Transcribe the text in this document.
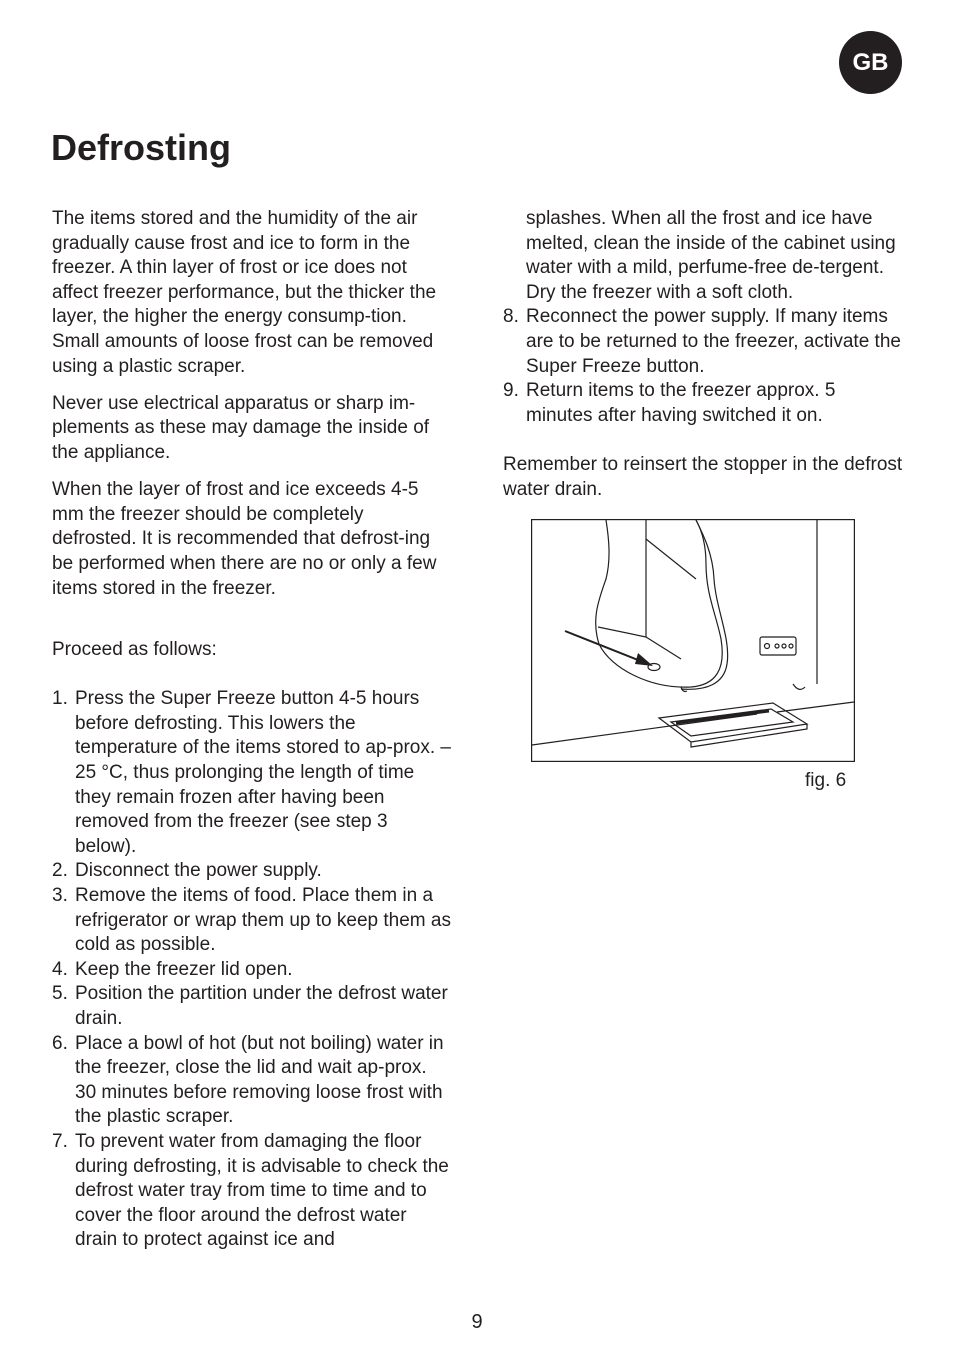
GB
Defrosting

The items stored and the humidity of the air gradually cause frost and ice to form in the freezer. A thin layer of frost or ice does not affect freezer performance, but the thicker the layer, the higher the energy consump-tion. Small amounts of loose frost can be removed using a plastic scraper.

Never use electrical apparatus or sharp im-plements as these may damage the inside of the appliance.

When the layer of frost and ice exceeds 4-5 mm the freezer should be completely defrosted. It is recommended that defrost-ing be performed when there are no or only a few items stored in the freezer.

Proceed as follows:

1. Press the Super Freeze button 4-5 hours before defrosting. This lowers the temperature of the items stored to ap-prox. –25 °C, thus prolonging the length of time they remain frozen after having been removed from the freezer (see step 3 below).
2. Disconnect the power supply.
3. Remove the items of food. Place them in a refrigerator or wrap them up to keep them as cold as possible.
4. Keep the freezer lid open.
5. Position the partition under the defrost water drain.
6. Place a bowl of hot (but not boiling) water in the freezer, close the lid and wait ap-prox. 30 minutes before removing loose frost with the plastic scraper.
7. To prevent water from damaging the floor during defrosting, it is advisable to check the defrost water tray from time to time and to cover the floor around the defrost water drain to protect against ice and

splashes. When all the frost and ice have melted, clean the inside of the cabinet using water with a mild, perfume-free de-tergent. Dry the freezer with a soft cloth.

8. Reconnect the power supply. If many items are to be returned to the freezer, activate the Super Freeze button.
9. Return items to the freezer approx. 5 minutes after having switched it on.

Remember to reinsert the stopper in the defrost water drain.

fig. 6
9
